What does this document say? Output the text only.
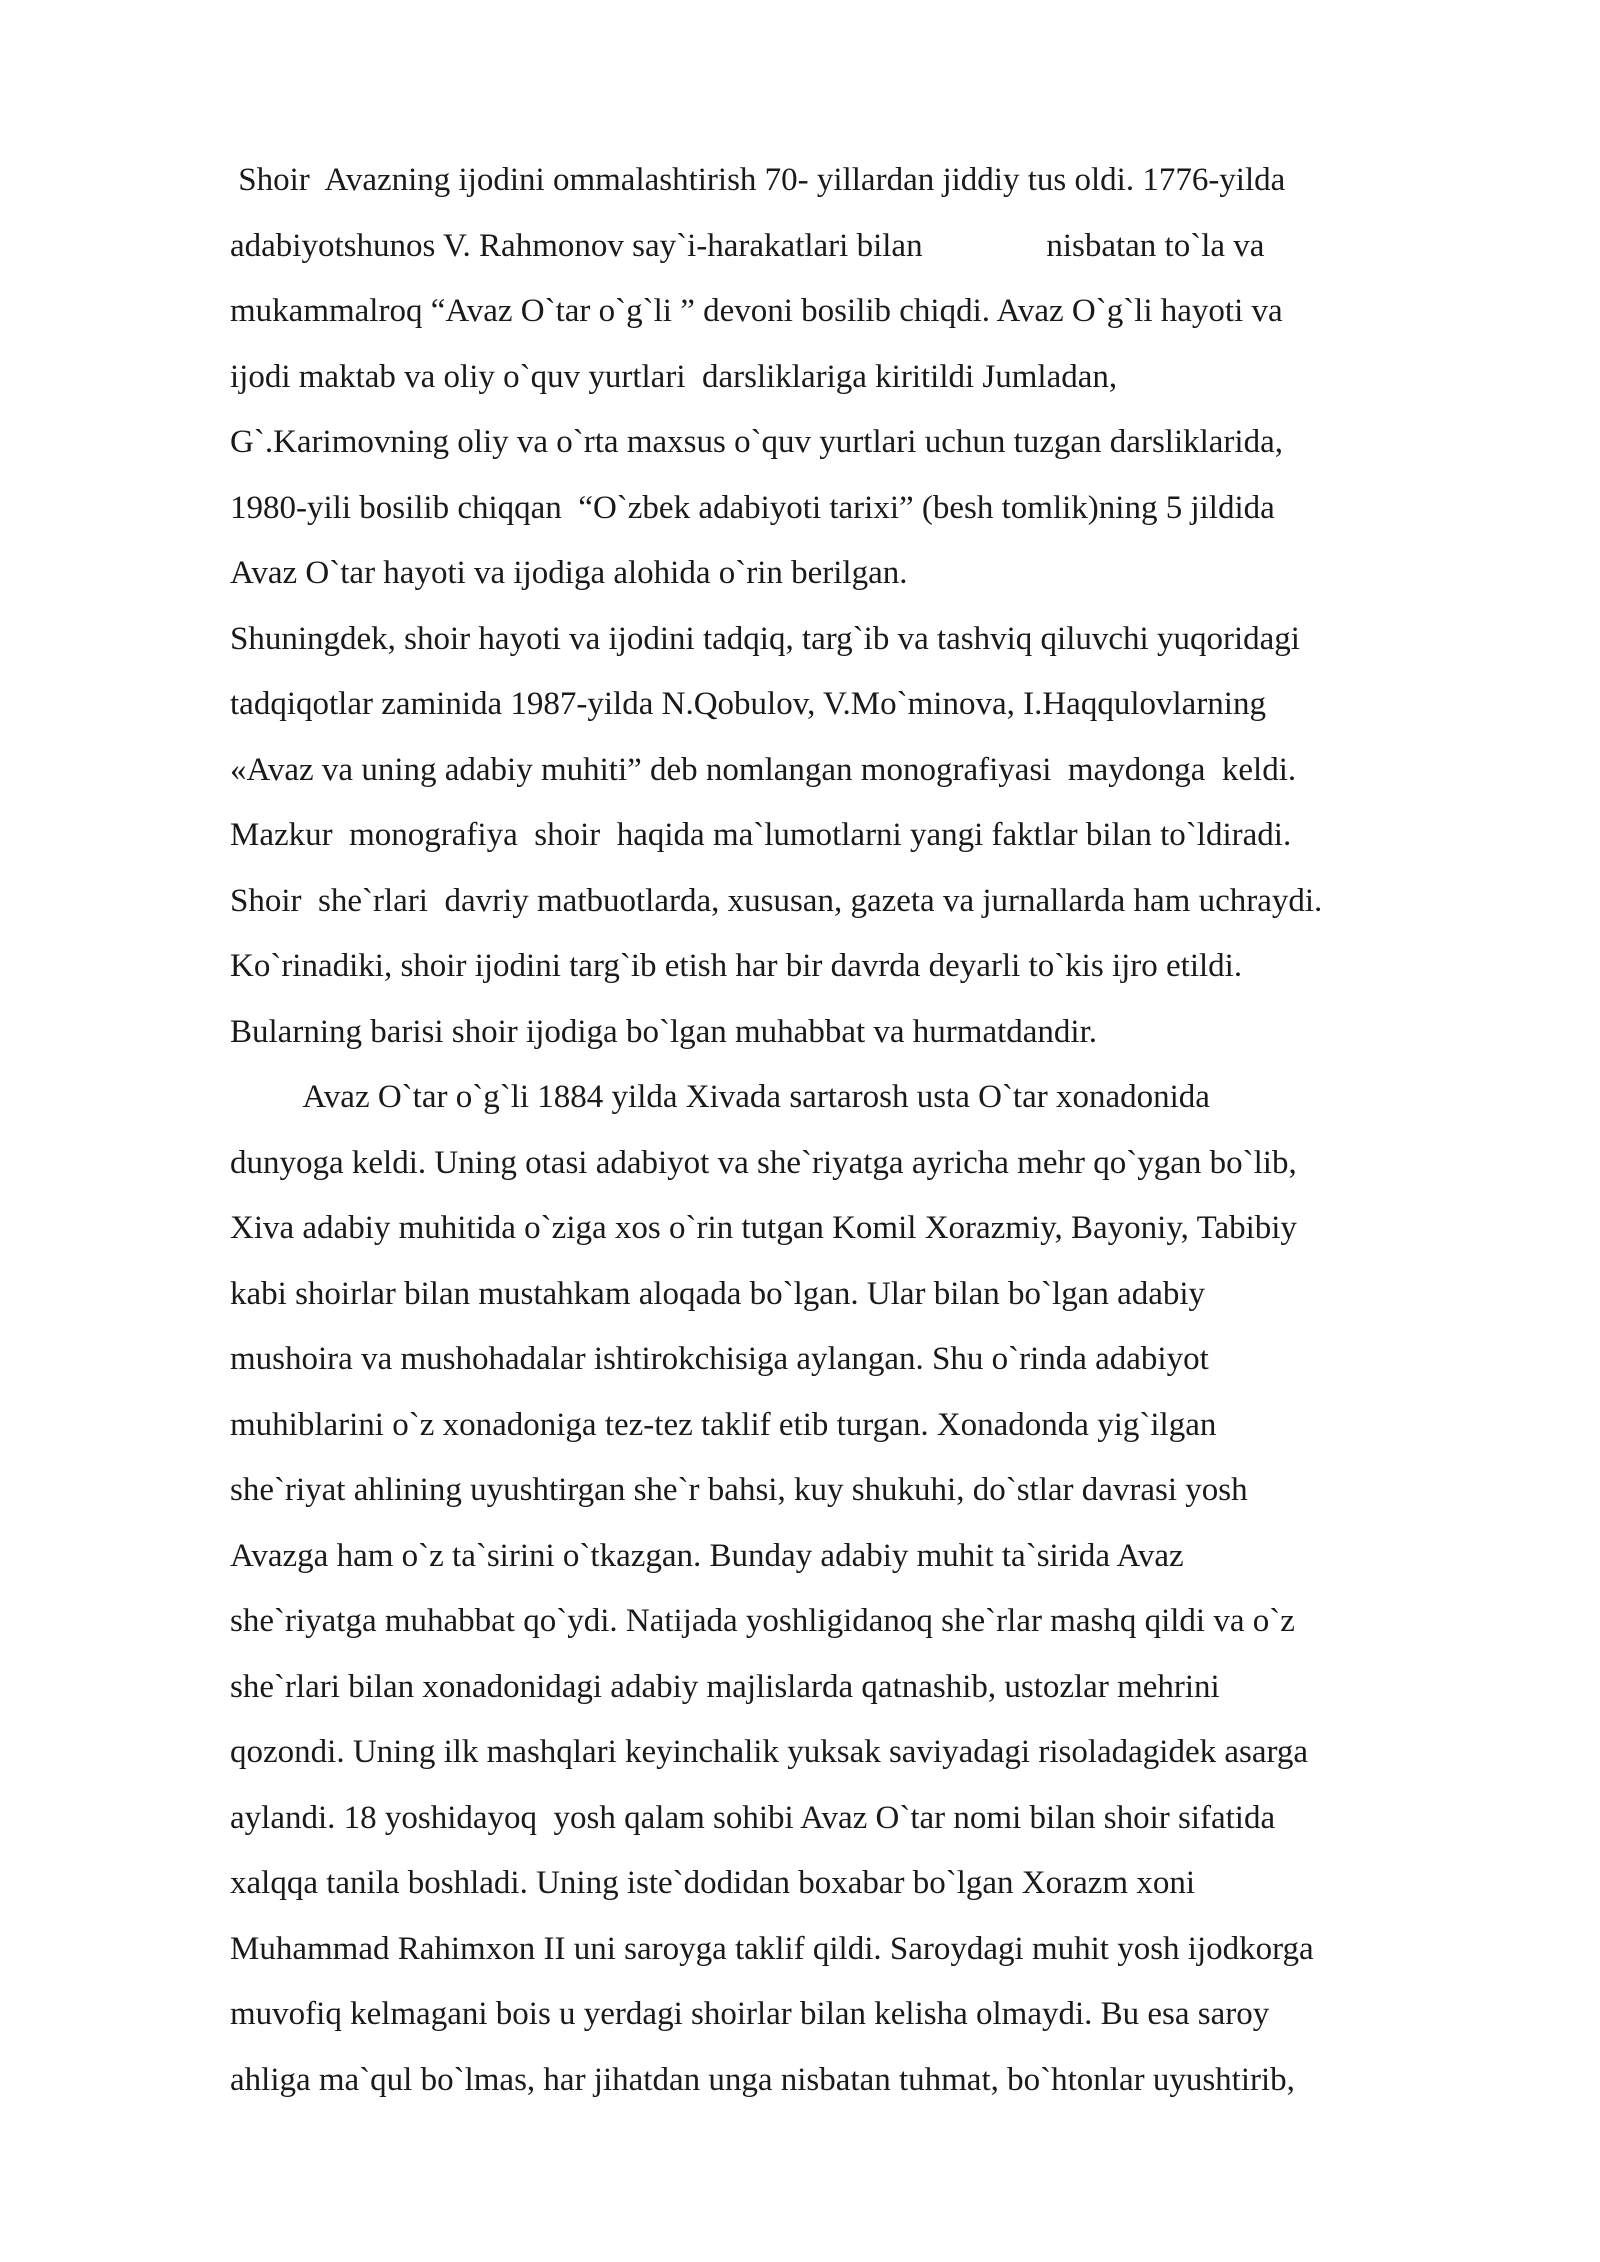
Shoir  Avazning ijodini ommalashtirish 70- yillardan jiddiy tus oldi. 1776-yilda
adabiyotshunos V. Rahmonov say`i-harakatlari bilan               nisbatan to`la va
mukammalroq “Avaz O`tar o`g`li ” devoni bosilib chiqdi. Avaz O`g`li hayoti va
ijodi maktab va oliy o`quv yurtlari  darsliklariga kiritildi Jumladan,
G`.Karimovning oliy va o`rta maxsus o`quv yurtlari uchun tuzgan darsliklarida,
1980-yili bosilib chiqqan  “O`zbek adabiyoti tarixi” (besh tomlik)ning 5 jildida
Avaz O`tar hayoti va ijodiga alohida o`rin berilgan.
Shuningdek, shoir hayoti va ijodini tadqiq, targ`ib va tashviq qiluvchi yuqoridagi
tadqiqotlar zaminida 1987-yilda N.Qobulov, V.Mo`minova, I.Haqqulovlarning
«Avaz va uning adabiy muhiti” deb nomlangan monografiyasi  maydonga  keldi.
Mazkur  monografiya  shoir  haqida ma`lumotlarni yangi faktlar bilan to`ldiradi.
Shoir  she`rlari  davriy matbuotlarda, xususan, gazeta va jurnallarda ham uchraydi.
Ko`rinadiki, shoir ijodini targ`ib etish har bir davrda deyarli to`kis ijro etildi.
Bularning barisi shoir ijodiga bo`lgan muhabbat va hurmatdandir.
Avaz O`tar o`g`li 1884 yilda Xivada sartarosh usta O`tar xonadonida
dunyoga keldi. Uning otasi adabiyot va she`riyatga ayricha mehr qo`ygan bo`lib,
Xiva adabiy muhitida o`ziga xos o`rin tutgan Komil Xorazmiy, Bayoniy, Tabibiy
kabi shoirlar bilan mustahkam aloqada bo`lgan. Ular bilan bo`lgan adabiy
mushoira va mushohadalar ishtirokchisiga aylangan. Shu o`rinda adabiyot
muhiblarini o`z xonadoniga tez-tez taklif etib turgan. Xonadonda yig`ilgan
she`riyat ahlining uyushtirgan she`r bahsi, kuy shukuhi, do`stlar davrasi yosh
Avazga ham o`z ta`sirini o`tkazgan. Bunday adabiy muhit ta`sirida Avaz
she`riyatga muhabbat qo`ydi. Natijada yoshligidanoq she`rlar mashq qildi va o`z
she`rlari bilan xonadonidagi adabiy majlislarda qatnashib, ustozlar mehrini
qozondi. Uning ilk mashqlari keyinchalik yuksak saviyadagi risoladagidek asarga
aylandi. 18 yoshidayoq  yosh qalam sohibi Avaz O`tar nomi bilan shoir sifatida
xalqqa tanila boshladi. Uning iste`dodidan boxabar bo`lgan Xorazm xoni
Muhammad Rahimxon II uni saroyga taklif qildi. Saroydagi muhit yosh ijodkorga
muvofiq kelmagani bois u yerdagi shoirlar bilan kelisha olmaydi. Bu esa saroy
ahliga ma`qul bo`lmas, har jihatdan unga nisbatan tuhmat, bo`htonlar uyushtirib,
